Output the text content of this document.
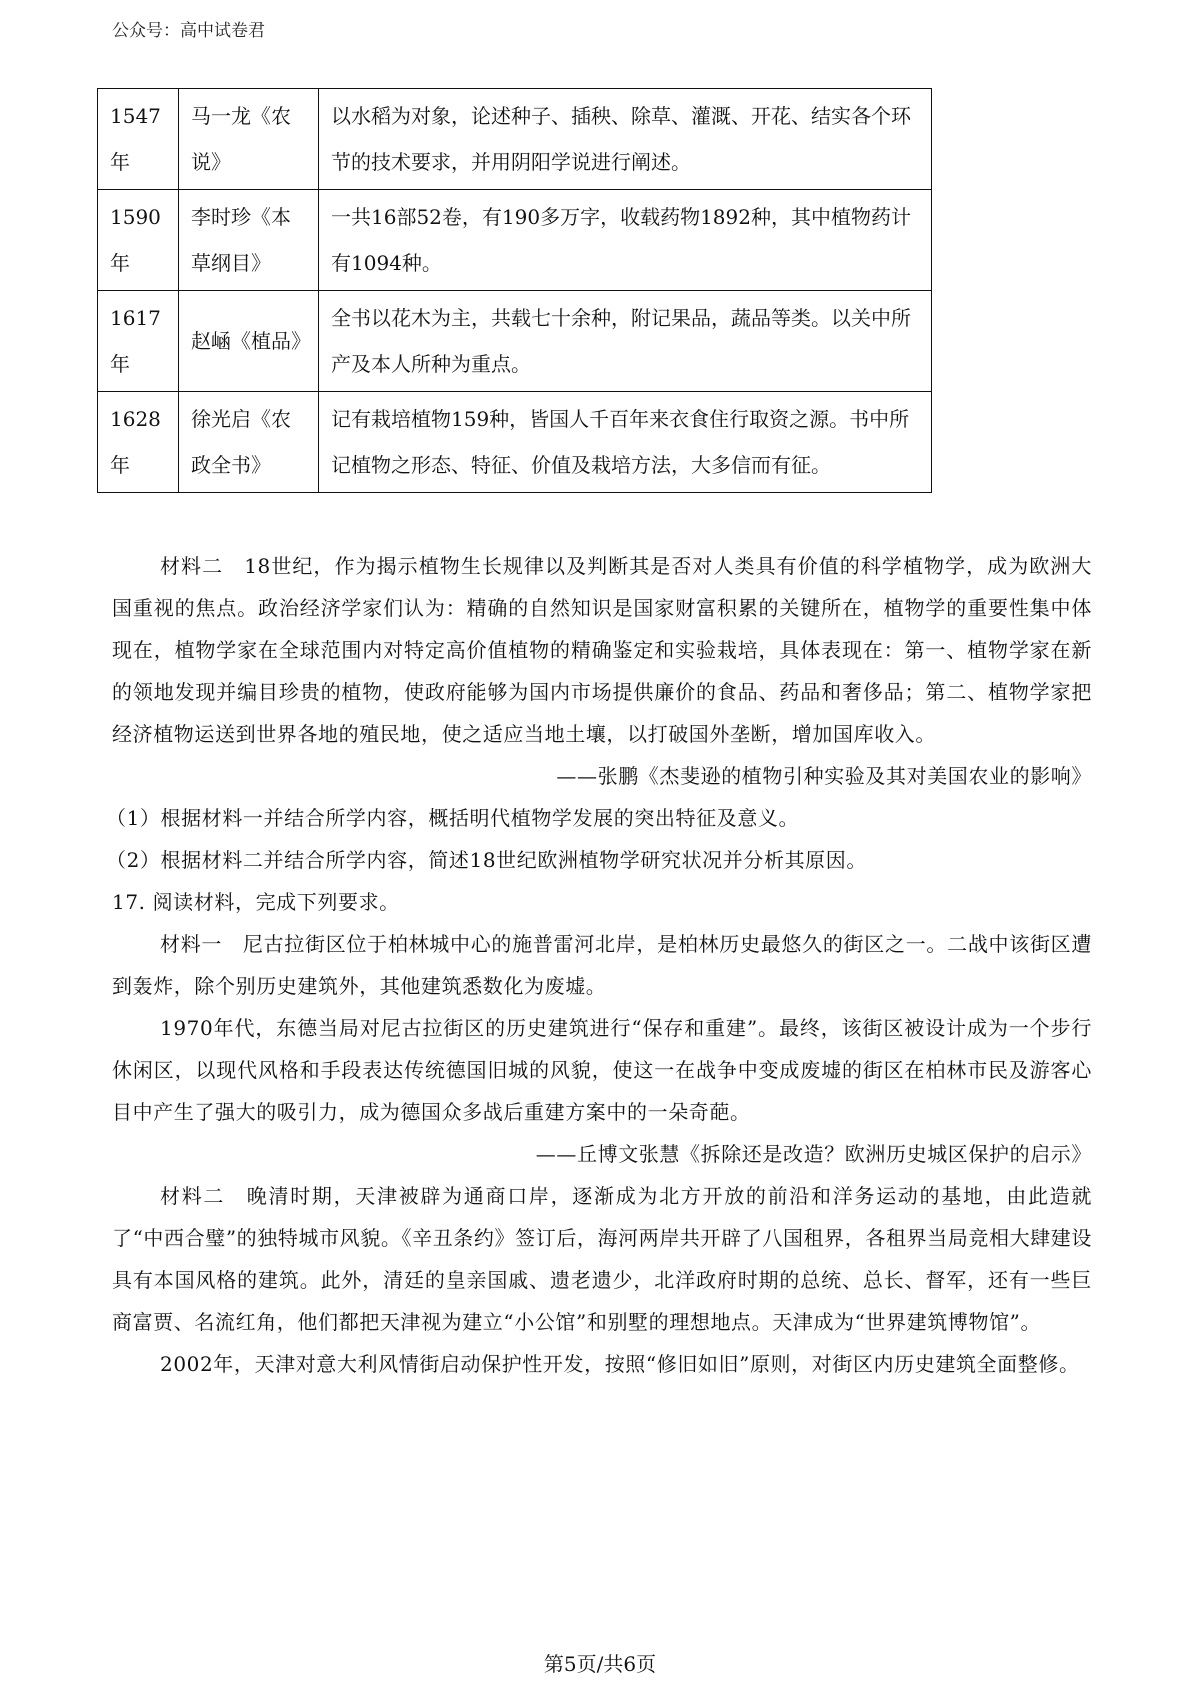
公众号：高中试卷君
1547年	马一龙《农说》	以水稻为对象，论述种子、插秧、除草、灌溉、开花、结实各个环节的技术要求，并用阴阳学说进行阐述。
1590年	李时珍《本草纲目》	一共16部52卷，有190多万字，收载药物1892种，其中植物药计有1094种。
1617年	赵崡《植品》	全书以花木为主，共载七十余种，附记果品，蔬品等类。以关中所产及本人所种为重点。
1628年	徐光启《农政全书》	记有栽培植物159种，皆国人千百年来衣食住行取资之源。书中所记植物之形态、特征、价值及栽培方法，大多信而有征。

材料二　18世纪，作为揭示植物生长规律以及判断其是否对人类具有价值的科学植物学，成为欧洲大国重视的焦点。政治经济学家们认为：精确的自然知识是国家财富积累的关键所在，植物学的重要性集中体现在，植物学家在全球范围内对特定高价值植物的精确鉴定和实验栽培，具体表现在：第一、植物学家在新的领地发现并编目珍贵的植物，使政府能够为国内市场提供廉价的食品、药品和奢侈品；第二、植物学家把经济植物运送到世界各地的殖民地，使之适应当地土壤，以打破国外垄断，增加国库收入。

——张鹏《杰斐逊的植物引种实验及其对美国农业的影响》

（1）根据材料一并结合所学内容，概括明代植物学发展的突出特征及意义。

（2）根据材料二并结合所学内容，简述18世纪欧洲植物学研究状况并分析其原因。

17. 阅读材料，完成下列要求。

材料一　尼古拉街区位于柏林城中心的施普雷河北岸，是柏林历史最悠久的街区之一。二战中该街区遭到轰炸，除个别历史建筑外，其他建筑悉数化为废墟。

1970年代，东德当局对尼古拉街区的历史建筑进行“保存和重建”。最终，该街区被设计成为一个步行休闲区，以现代风格和手段表达传统德国旧城的风貌，使这一在战争中变成废墟的街区在柏林市民及游客心目中产生了强大的吸引力，成为德国众多战后重建方案中的一朵奇葩。

——丘博文张慧《拆除还是改造？欧洲历史城区保护的启示》

材料二　晚清时期，天津被辟为通商口岸，逐渐成为北方开放的前沿和洋务运动的基地，由此造就了“中西合璧”的独特城市风貌。《辛丑条约》签订后，海河两岸共开辟了八国租界，各租界当局竞相大肆建设具有本国风格的建筑。此外，清廷的皇亲国戚、遗老遗少，北洋政府时期的总统、总长、督军，还有一些巨商富贾、名流红角，他们都把天津视为建立“小公馆”和别墅的理想地点。天津成为“世界建筑博物馆”。

2002年，天津对意大利风情街启动保护性开发，按照“修旧如旧”原则，对街区内历史建筑全面整修。

第5页/共6页
